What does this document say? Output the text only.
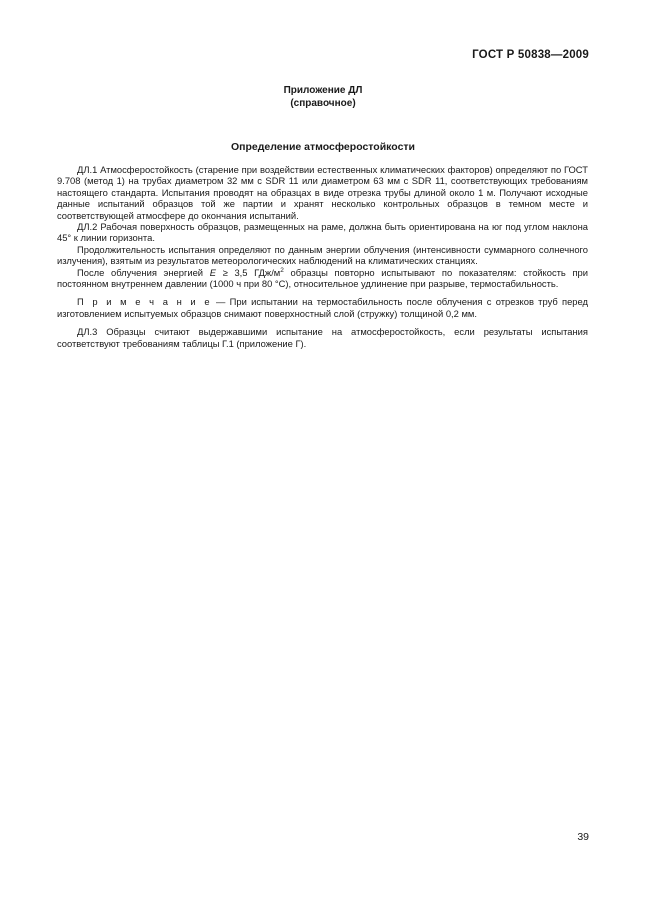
ГОСТ Р 50838—2009
Приложение ДЛ
(справочное)
Определение атмосферостойкости

ДЛ.1 Атмосферостойкость (старение при воздействии естественных климатических факторов) определяют по ГОСТ 9.708 (метод 1) на трубах диаметром 32 мм с SDR 11 или диаметром 63 мм с SDR 11, соответствующих требованиям настоящего стандарта. Испытания проводят на образцах в виде отрезка трубы длиной около 1 м. Получают исходные данные испытаний образцов той же партии и хранят несколько контрольных образцов в темном месте и соответствующей атмосфере до окончания испытаний.

ДЛ.2 Рабочая поверхность образцов, размещенных на раме, должна быть ориентирована на юг под углом наклона 45° к линии горизонта.

Продолжительность испытания определяют по данным энергии облучения (интенсивности суммарного солнечного излучения), взятым из результатов метеорологических наблюдений на климатических станциях.

После облучения энергией E ≥ 3,5 ГДж/$м^2$ образцы повторно испытывают по показателям: стойкость при постоянном внутреннем давлении (1000 ч при 80 °С), относительное удлинение при разрыве, термостабильность.

П р и м е ч а н и е — При испытании на термостабильность после облучения с отрезков труб перед изготовлением испытуемых образцов снимают поверхностный слой (стружку) толщиной 0,2 мм.

ДЛ.3 Образцы считают выдержавшими испытание на атмосферостойкость, если результаты испытания соответствуют требованиям таблицы Г.1 (приложение Г).

39
